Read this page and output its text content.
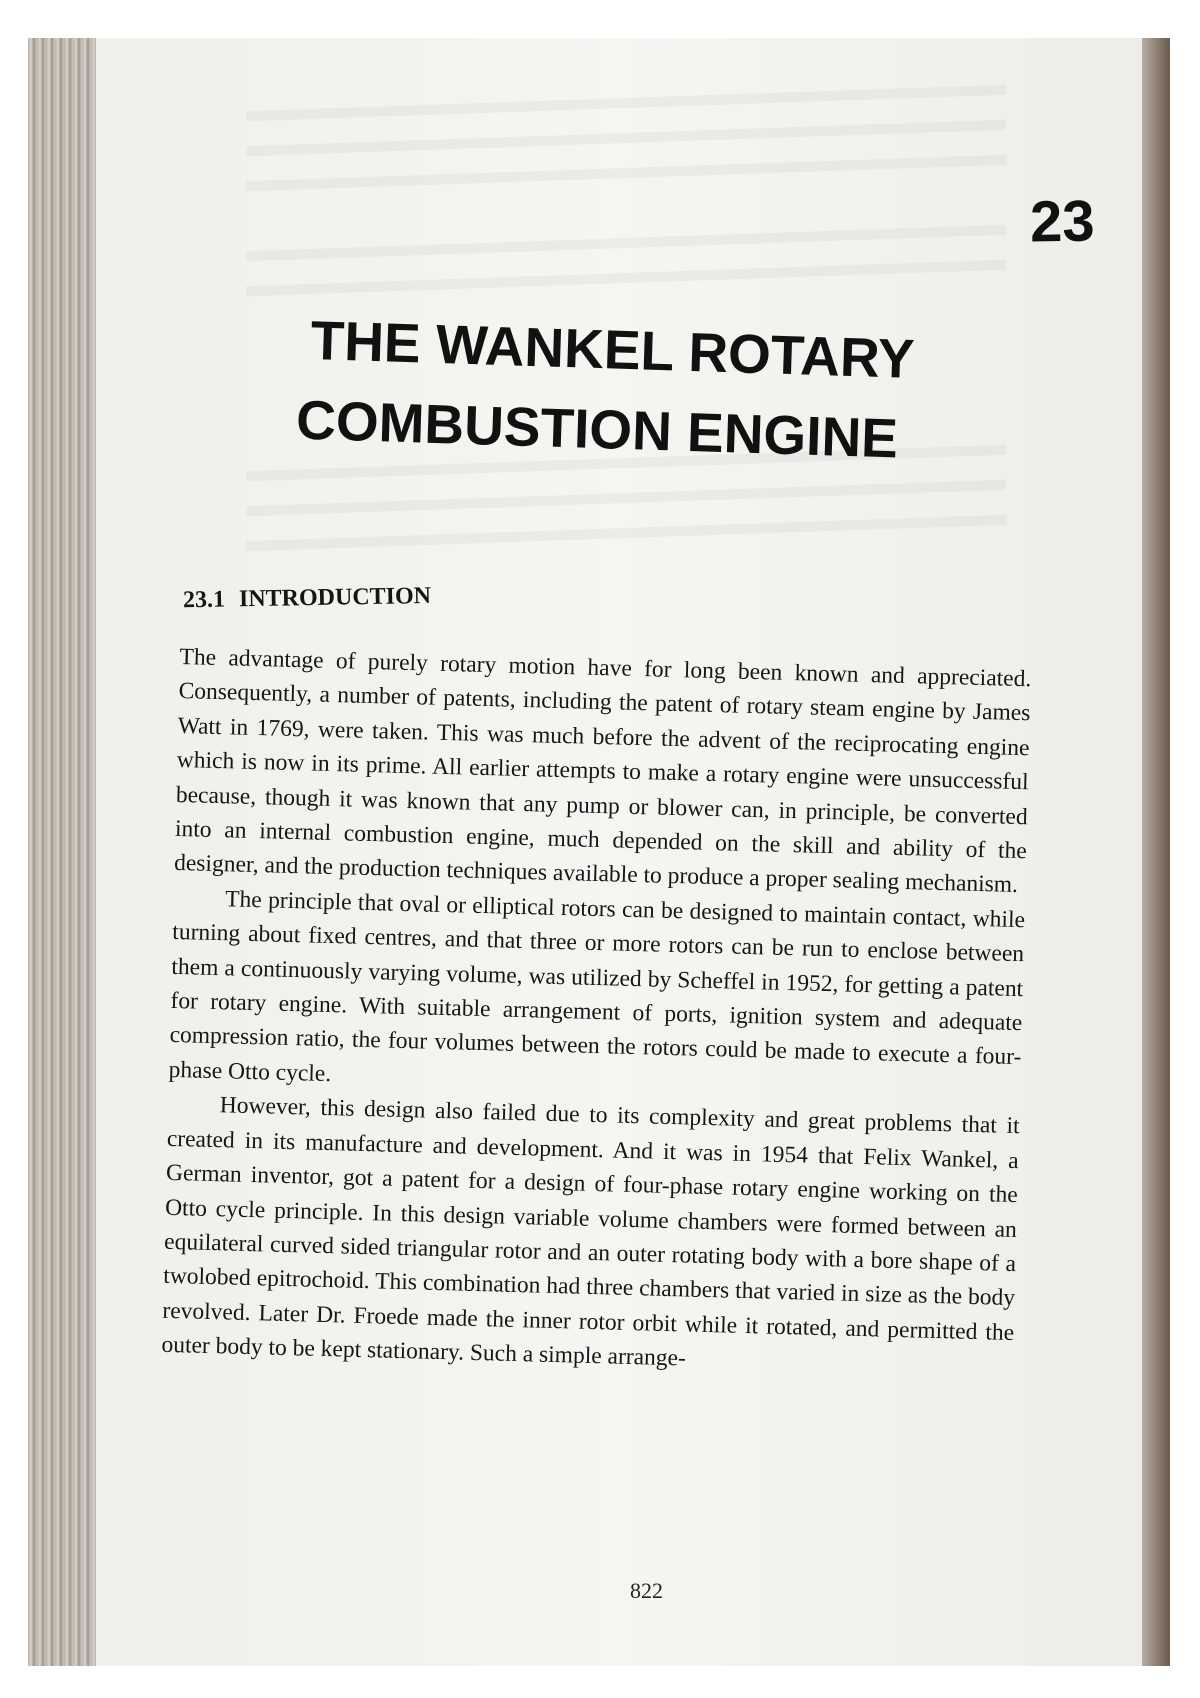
23
THE WANKEL ROTARY
COMBUSTION ENGINE
23.1 INTRODUCTION

The advantage of purely rotary motion have for long been known and appreciated. Consequently, a number of patents, including the patent of rotary steam engine by James Watt in 1769, were taken. This was much before the advent of the reciprocating engine which is now in its prime. All earlier attempts to make a rotary engine were unsuccessful because, though it was known that any pump or blower can, in principle, be converted into an internal combustion engine, much depended on the skill and ability of the designer, and the production techniques available to produce a proper sealing mechanism.

The principle that oval or elliptical rotors can be designed to maintain contact, while turning about fixed centres, and that three or more rotors can be run to enclose between them a continuously varying volume, was utilized by Scheffel in 1952, for getting a patent for rotary engine. With suitable arrangement of ports, ignition system and adequate compression ratio, the four volumes between the rotors could be made to execute a four-phase Otto cycle.

However, this design also failed due to its complexity and great problems that it created in its manufacture and development. And it was in 1954 that Felix Wankel, a German inventor, got a patent for a design of four-phase rotary engine working on the Otto cycle principle. In this design variable volume chambers were formed between an equilateral curved sided triangular rotor and an outer rotating body with a bore shape of a twolobed epitrochoid. This combination had three chambers that varied in size as the body revolved. Later Dr. Froede made the inner rotor orbit while it rotated, and permitted the outer body to be kept stationary. Such a simple arrange-

822
